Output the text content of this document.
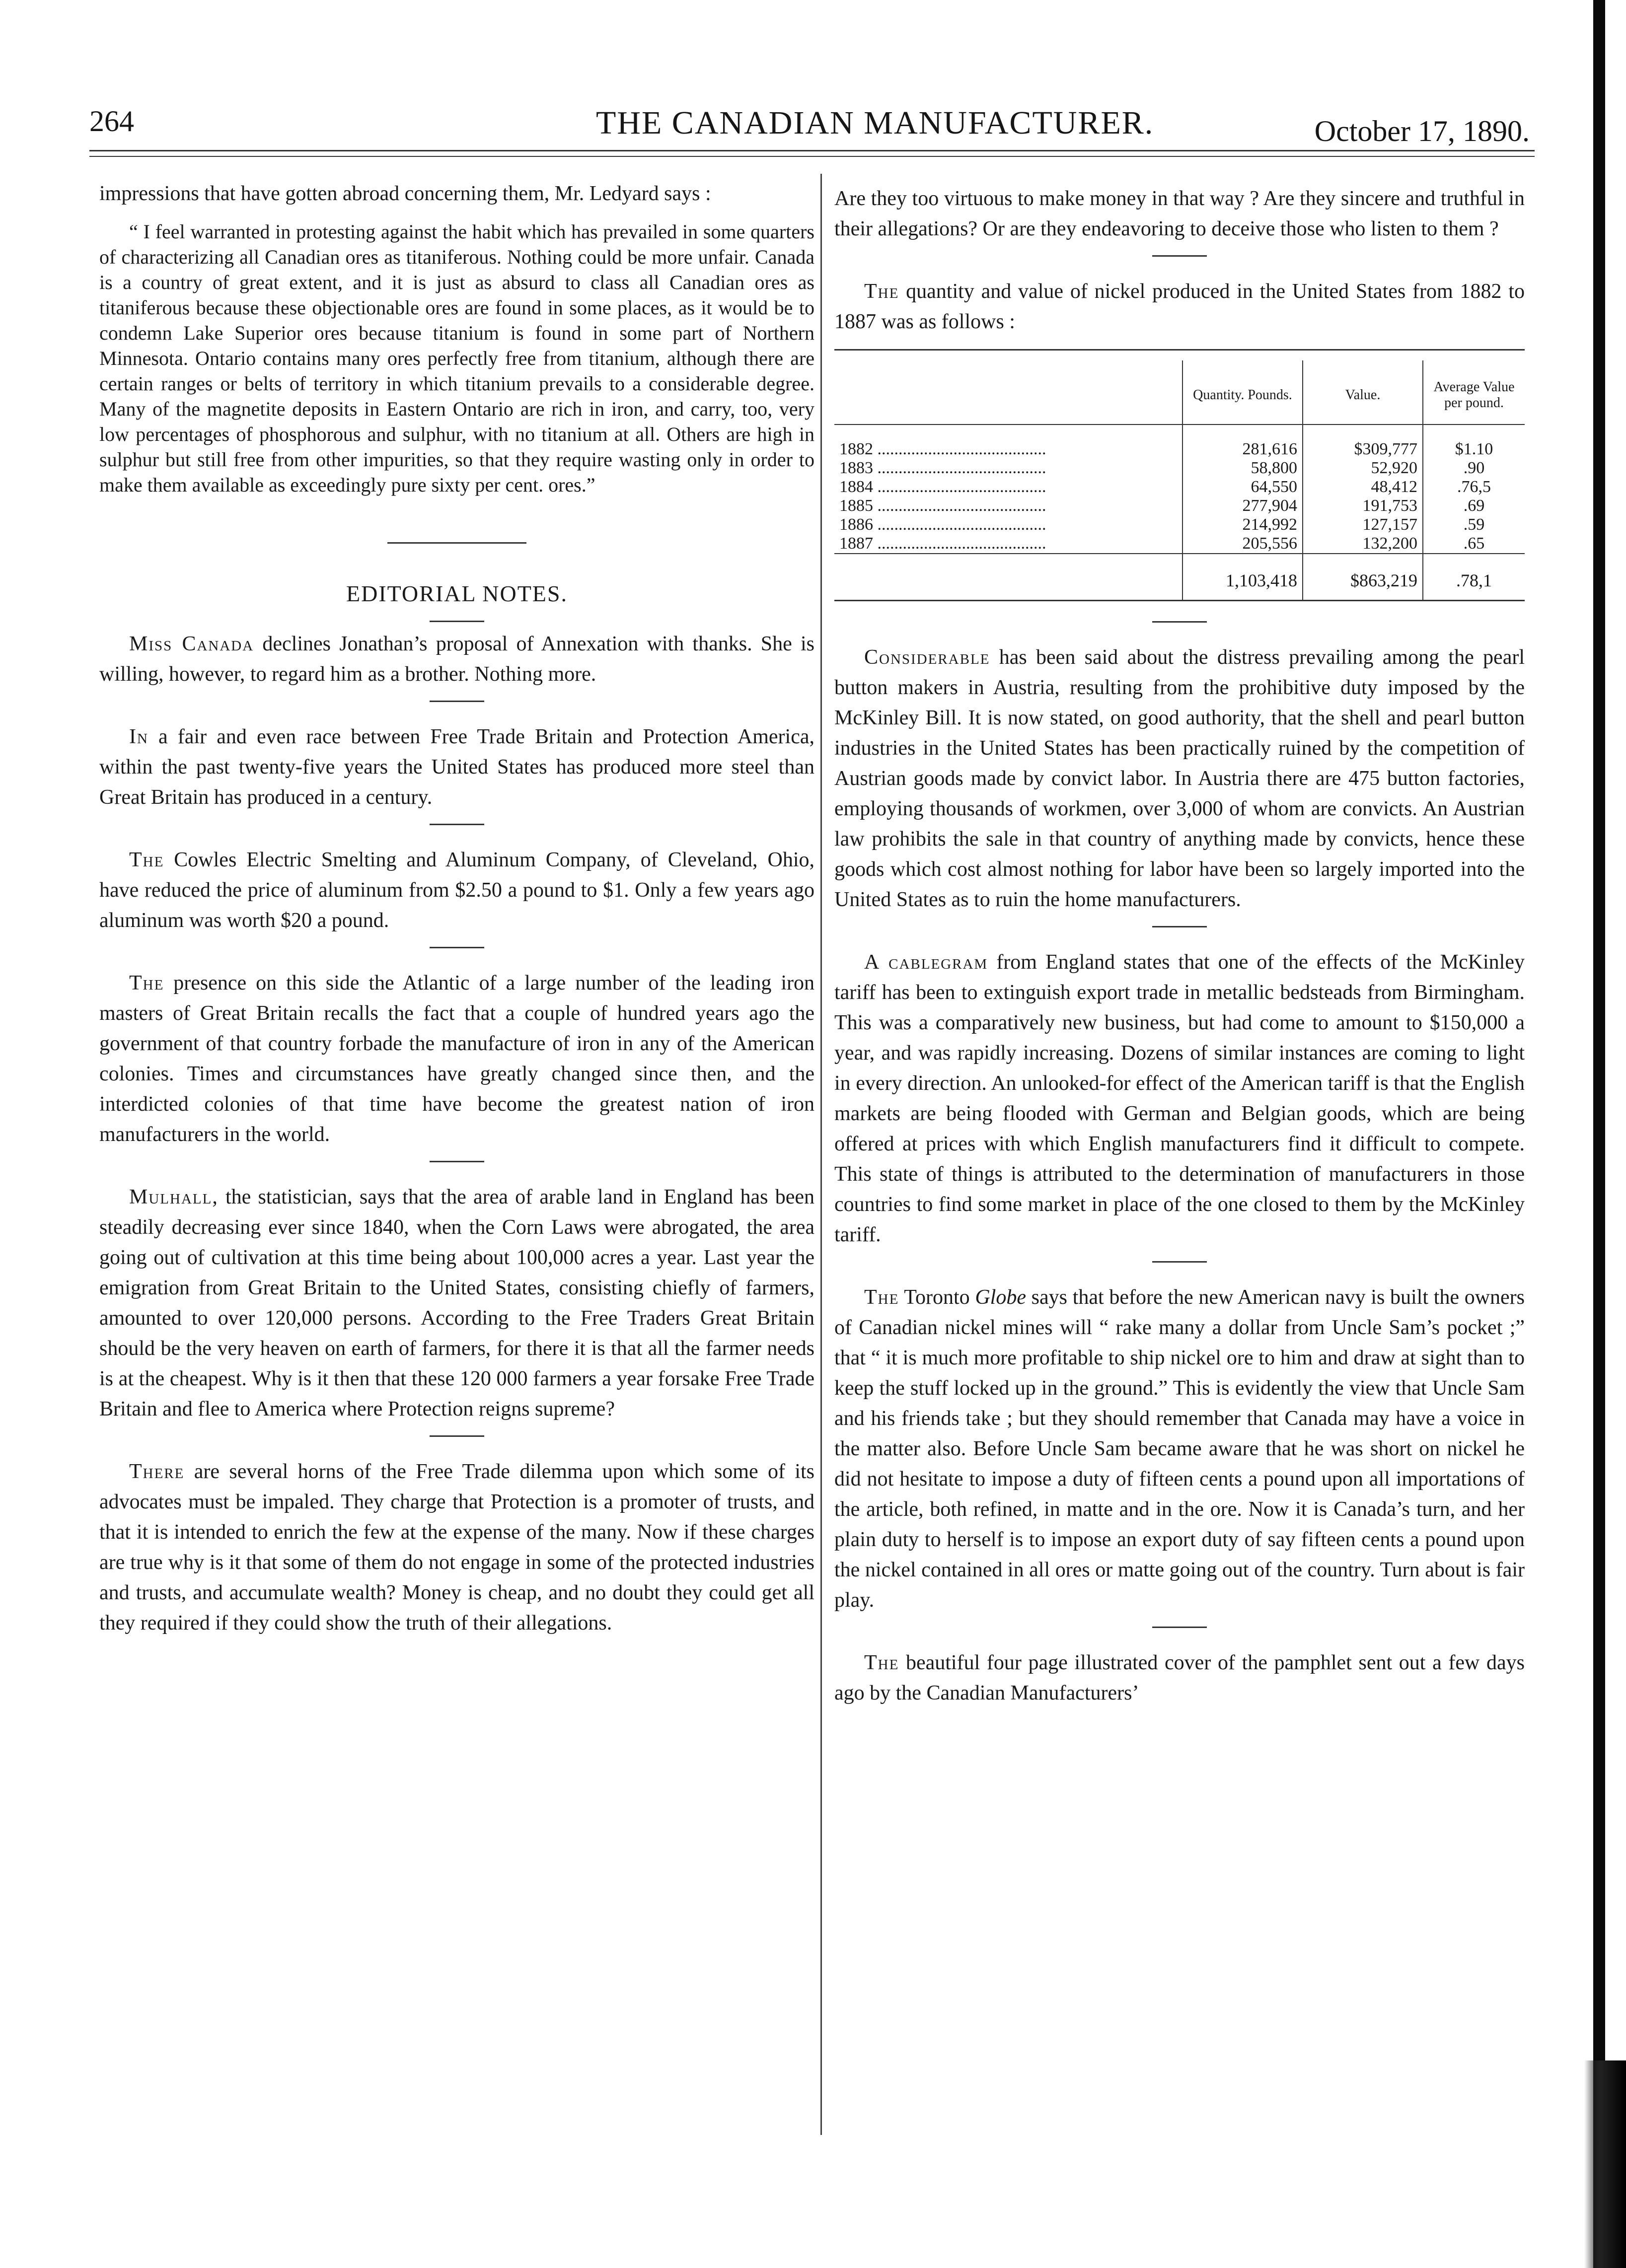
264	THE CANADIAN MANUFACTURER.	October 17, 1890.

impressions that have gotten abroad concerning them, Mr. Ledyard says :

“ I feel warranted in protesting against the habit which has prevailed in some quarters of characterizing all Canadian ores as titaniferous. Nothing could be more unfair. Canada is a country of great extent, and it is just as absurd to class all Canadian ores as titaniferous because these objectionable ores are found in some places, as it would be to condemn Lake Superior ores because titanium is found in some part of Northern Minnesota. Ontario contains many ores perfectly free from titanium, although there are certain ranges or belts of territory in which titanium prevails to a considerable degree. Many of the magnetite deposits in Eastern Ontario are rich in iron, and carry, too, very low percentages of phosphorous and sulphur, with no titanium at all. Others are high in sulphur but still free from other impurities, so that they require wasting only in order to make them available as exceedingly pure sixty per cent. ores.”

EDITORIAL NOTES.

Miss Canada declines Jonathan’s proposal of Annexation with thanks. She is willing, however, to regard him as a brother. Nothing more.

In a fair and even race between Free Trade Britain and Protection America, within the past twenty-five years the United States has produced more steel than Great Britain has produced in a century.

The Cowles Electric Smelting and Aluminum Company, of Cleveland, Ohio, have reduced the price of aluminum from $2.50 a pound to $1. Only a few years ago aluminum was worth $20 a pound.

The presence on this side the Atlantic of a large number of the leading iron masters of Great Britain recalls the fact that a couple of hundred years ago the government of that country forbade the manufacture of iron in any of the American colonies. Times and circumstances have greatly changed since then, and the interdicted colonies of that time have become the greatest nation of iron manufacturers in the world.

Mulhall, the statistician, says that the area of arable land in England has been steadily decreasing ever since 1840, when the Corn Laws were abrogated, the area going out of cultivation at this time being about 100,000 acres a year. Last year the emigration from Great Britain to the United States, consisting chiefly of farmers, amounted to over 120,000 persons. According to the Free Traders Great Britain should be the very heaven on earth of farmers, for there it is that all the farmer needs is at the cheapest. Why is it then that these 120 000 farmers a year forsake Free Trade Britain and flee to America where Protection reigns supreme?

There are several horns of the Free Trade dilemma upon which some of its advocates must be impaled. They charge that Protection is a promoter of trusts, and that it is intended to enrich the few at the expense of the many. Now if these charges are true why is it that some of them do not engage in some of the protected industries and trusts, and accumulate wealth? Money is cheap, and no doubt they could get all they required if they could show the truth of their allegations.

Are they too virtuous to make money in that way ? Are they sincere and truthful in their allegations? Or are they endeavoring to deceive those who listen to them ?

The quantity and value of nickel produced in the United States from 1882 to 1887 was as follows :

	Quantity. Pounds.	Value.	Average Value per pound.
1882 ........................................	281,616	$309,777	$1.10
1883 ........................................	58,800	52,920	.90
1884 ........................................	64,550	48,412	.76,5
1885 ........................................	277,904	191,753	.69
1886 ........................................	214,992	127,157	.59
1887 ........................................	205,556	132,200	.65
	1,103,418	$863,219	.78,1

Considerable has been said about the distress prevailing among the pearl button makers in Austria, resulting from the prohibitive duty imposed by the McKinley Bill. It is now stated, on good authority, that the shell and pearl button industries in the United States has been practically ruined by the competition of Austrian goods made by convict labor. In Austria there are 475 button factories, employing thousands of workmen, over 3,000 of whom are convicts. An Austrian law prohibits the sale in that country of anything made by convicts, hence these goods which cost almost nothing for labor have been so largely imported into the United States as to ruin the home manufacturers.

A cablegram from England states that one of the effects of the McKinley tariff has been to extinguish export trade in metallic bedsteads from Birmingham. This was a comparatively new business, but had come to amount to $150,000 a year, and was rapidly increasing. Dozens of similar instances are coming to light in every direction. An unlooked-for effect of the American tariff is that the English markets are being flooded with German and Belgian goods, which are being offered at prices with which English manufacturers find it difficult to compete. This state of things is attributed to the determination of manufacturers in those countries to find some market in place of the one closed to them by the McKinley tariff.

The Toronto Globe says that before the new American navy is built the owners of Canadian nickel mines will “ rake many a dollar from Uncle Sam’s pocket ;” that “ it is much more profitable to ship nickel ore to him and draw at sight than to keep the stuff locked up in the ground.” This is evidently the view that Uncle Sam and his friends take ; but they should remember that Canada may have a voice in the matter also. Before Uncle Sam became aware that he was short on nickel he did not hesitate to impose a duty of fifteen cents a pound upon all importations of the article, both refined, in matte and in the ore. Now it is Canada’s turn, and her plain duty to herself is to impose an export duty of say fifteen cents a pound upon the nickel contained in all ores or matte going out of the country. Turn about is fair play.

The beautiful four page illustrated cover of the pamphlet sent out a few days ago by the Canadian Manufacturers’
